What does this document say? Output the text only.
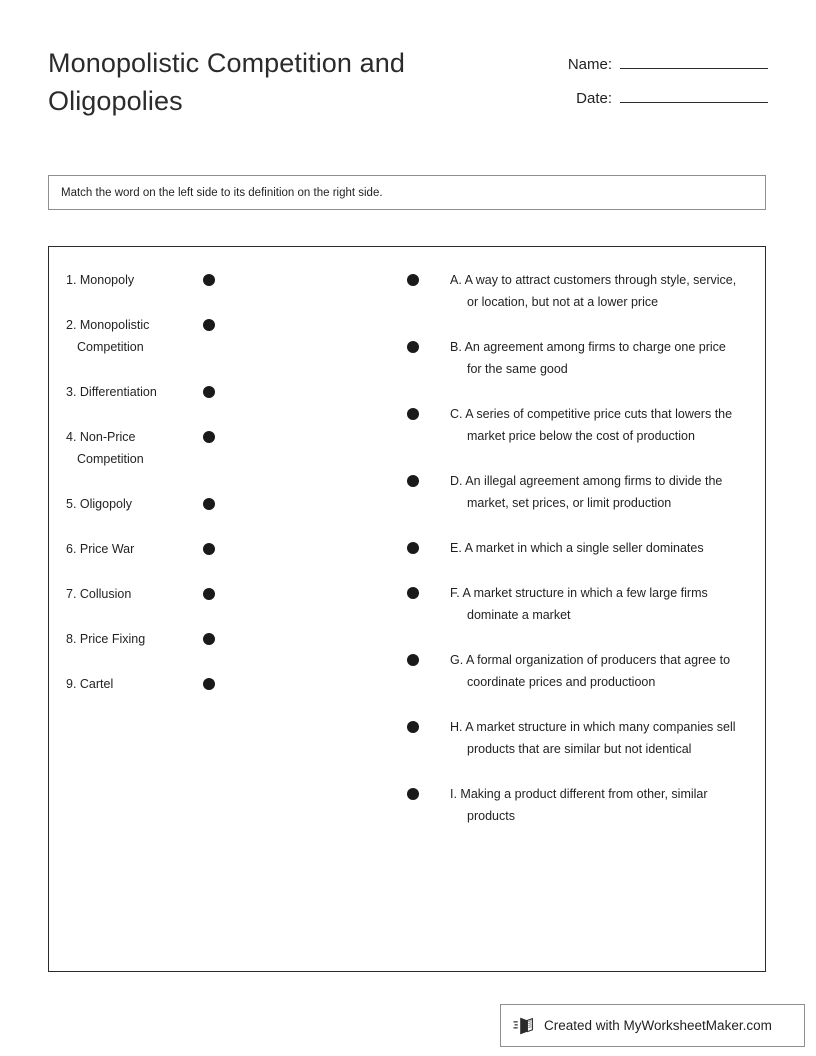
Monopolistic Competition and Oligopolies
Name:
Date:
Match the word on the left side to its definition on the right side.
1. Monopoly
2. Monopolistic Competition
3. Differentiation
4. Non-Price Competition
5. Oligopoly
6. Price War
7. Collusion
8. Price Fixing
9. Cartel
A. A way to attract customers through style, service, or location, but not at a lower price
B. An agreement among firms to charge one price for the same good
C. A series of competitive price cuts that lowers the market price below the cost of production
D. An illegal agreement among firms to divide the market, set prices, or limit production
E. A market in which a single seller dominates
F. A market structure in which a few large firms dominate a market
G. A formal organization of producers that agree to coordinate prices and productioon
H. A market structure in which many companies sell products that are similar but not identical
I. Making a product different from other, similar products
Created with MyWorksheetMaker.com
